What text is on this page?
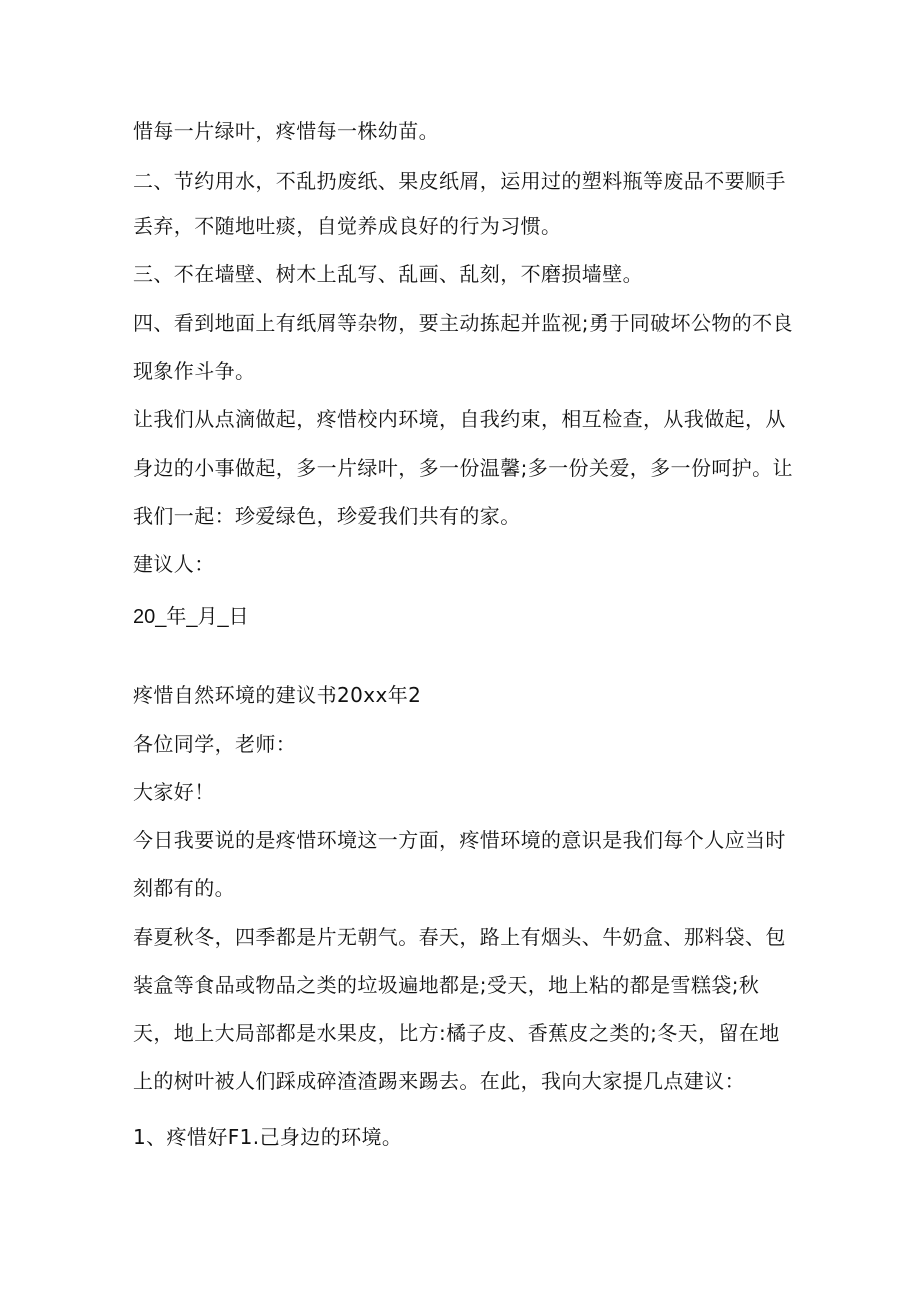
惜每一片绿叶，疼惜每一株幼苗。
二、节约用水，不乱扔废纸、果皮纸屑，运用过的塑料瓶等废品不要顺手
丢弃，不随地吐痰，自觉养成良好的行为习惯。
三、不在墙壁、树木上乱写、乱画、乱刻，不磨损墙壁。
四、看到地面上有纸屑等杂物，要主动拣起并监视;勇于同破坏公物的不良
现象作斗争。
让我们从点滴做起，疼惜校内环境，自我约束，相互检查，从我做起，从
身边的小事做起，多一片绿叶，多一份温馨;多一份关爱，多一份呵护。让
我们一起：珍爱绿色，珍爱我们共有的家。
建议人：
20_年_月_日
疼惜自然环境的建议书20xx年2
各位同学，老师：
大家好！
今日我要说的是疼惜环境这一方面，疼惜环境的意识是我们每个人应当时
刻都有的。
春夏秋冬，四季都是片无朝气。春天，路上有烟头、牛奶盒、那料袋、包
装盒等食品或物品之类的垃圾遍地都是;受天，地上粘的都是雪糕袋;秋
天，地上大局部都是水果皮，比方:橘子皮、香蕉皮之类的;冬天，留在地
上的树叶被人们踩成碎渣渣踢来踢去。在此，我向大家提几点建议：
1、疼惜好F1.己身边的环境。
